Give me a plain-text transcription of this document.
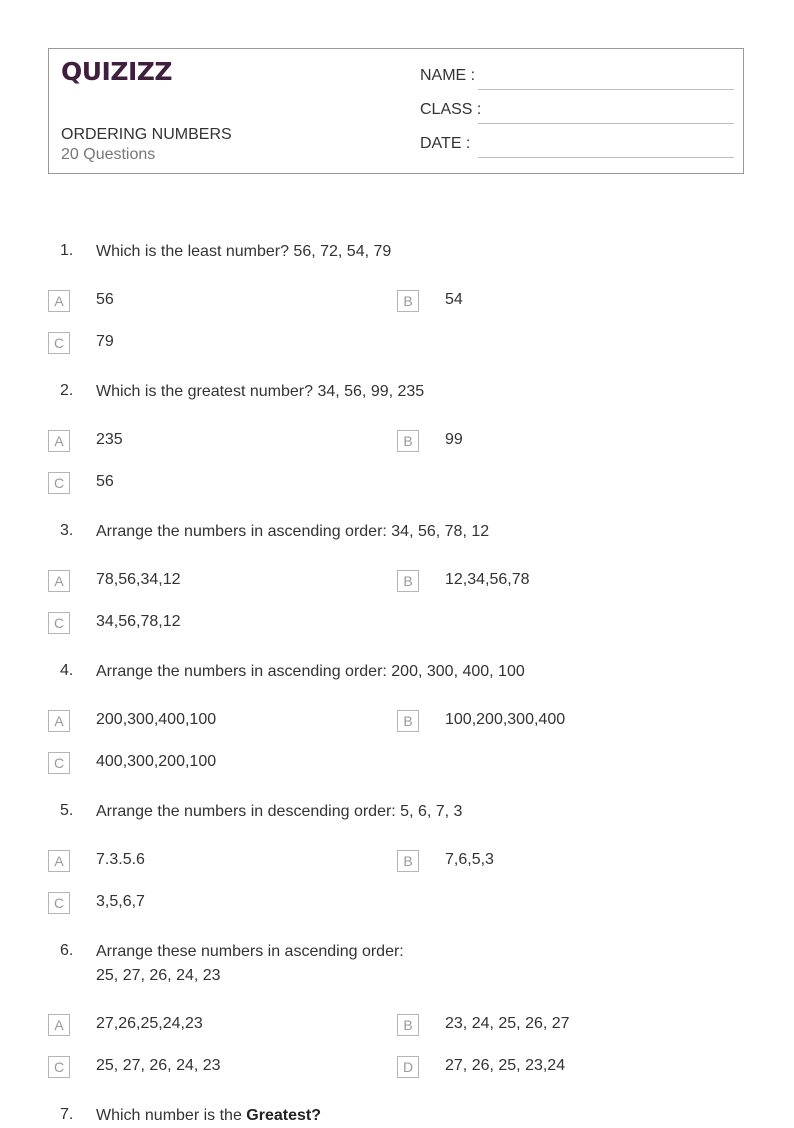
QUIZIZZ
ORDERING NUMBERS
20 Questions
NAME :
CLASS :
DATE :
1. Which is the least number? 56, 72, 54, 79
A	56	B	54
C	79
2. Which is the greatest number? 34, 56, 99, 235
A	235	B	99
C	56
3. Arrange the numbers in ascending order: 34, 56, 78, 12
A	78,56,34,12	B	12,34,56,78
C	34,56,78,12
4. Arrange the numbers in ascending order: 200, 300, 400, 100
A	200,300,400,100	B	100,200,300,400
C	400,300,200,100
5. Arrange the numbers in descending order: 5, 6, 7, 3
A	7.3.5.6	B	7,6,5,3
C	3,5,6,7
6. Arrange these numbers in ascending order:
25, 27, 26, 24, 23
A	27,26,25,24,23	B	23, 24, 25, 26, 27
C	25, 27, 26, 24, 23	D	27, 26, 25, 23,24
7. Which number is the Greatest?
